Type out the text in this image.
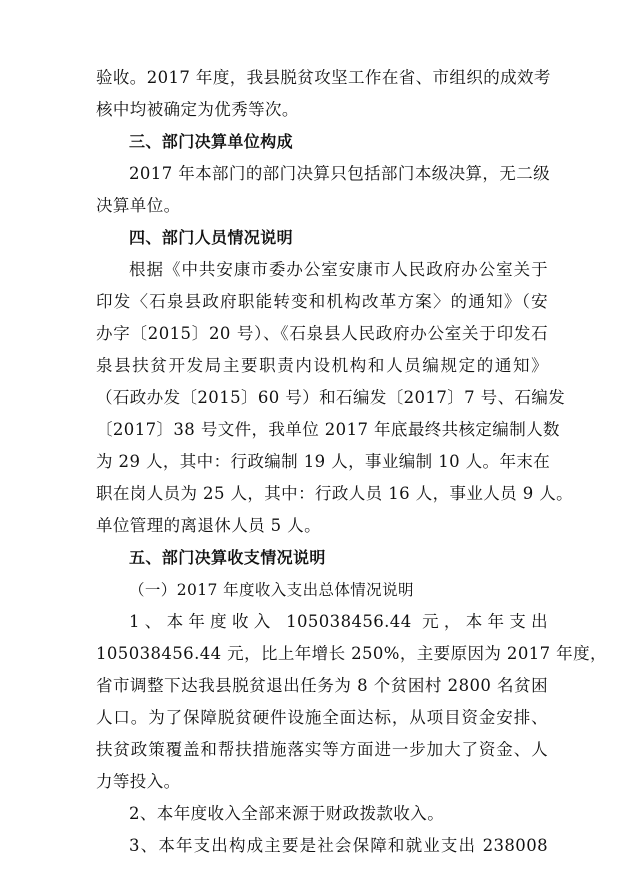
验收。2017 年度，我县脱贫攻坚工作在省、市组织的成效考
核中均被确定为优秀等次。
三、部门决算单位构成
2017 年本部门的部门决算只包括部门本级决算，无二级
决算单位。
四、部门人员情况说明
根据《中共安康市委办公室安康市人民政府办公室关于
印发〈石泉县政府职能转变和机构改革方案〉的通知》（安
办字〔2015〕20 号）、《石泉县人民政府办公室关于印发石
泉县扶贫开发局主要职责内设机构和人员编规定的通知》
（石政办发〔2015〕60 号）和石编发〔2017〕7 号、石编发
〔2017〕38 号文件，我单位 2017 年底最终共核定编制人数
为 29 人，其中：行政编制 19 人，事业编制 10 人。年末在
职在岗人员为 25 人，其中：行政人员 16 人，事业人员 9 人。
单位管理的离退休人员 5 人。
五、部门决算收支情况说明
（一）2017 年度收入支出总体情况说明
1、本年度收入 105038456.44 元，本年支出
105038456.44 元，比上年增长 250%，主要原因为 2017 年度，
省市调整下达我县脱贫退出任务为 8 个贫困村 2800 名贫困
人口。为了保障脱贫硬件设施全面达标，从项目资金安排、
扶贫政策覆盖和帮扶措施落实等方面进一步加大了资金、人
力等投入。
2、本年度收入全部来源于财政拨款收入。
3、本年支出构成主要是社会保障和就业支出 238008
